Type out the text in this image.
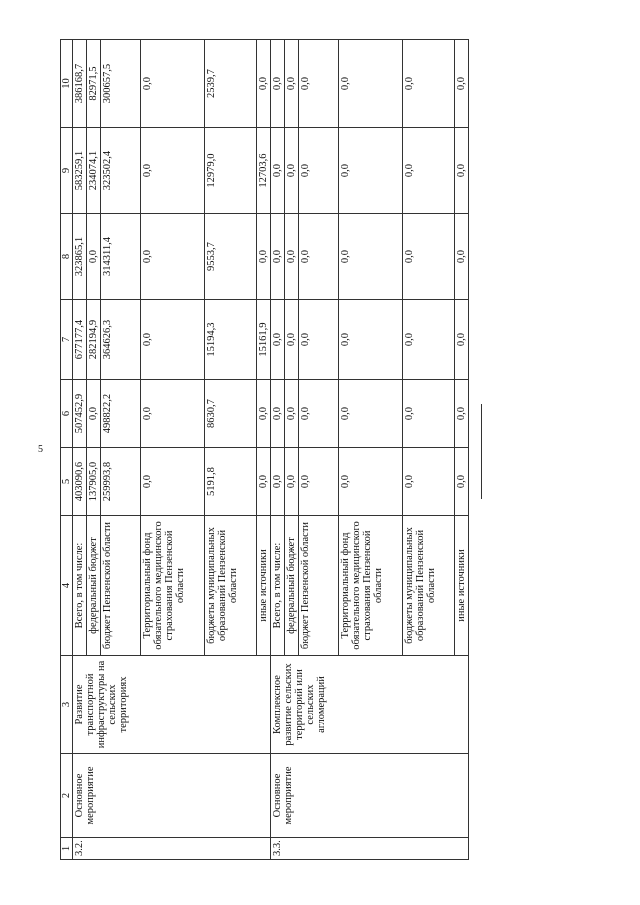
5
1	2	3	4	5	6	7	8	9	10
3.2.	Основное мероприятие	Развитие транспортной инфраструктуры на сельских территориях	Всего, в том числе:	403090,6	507452,9	677177,4	323865,1	583259,1	386168,7
			федеральный бюджет	137905,0	0,0	282194,9	0,0	234074,1	82971,5
			бюджет Пензенской области	259993,8	498822,2	364626,3	314311,4	323502,4	300657,5
			Территориальный фонд обязательного медицинского страхования Пензенской области	0,0	0,0	0,0	0,0	0,0	0,0
			бюджеты муниципальных образований Пензенской области	5191,8	8630,7	15194,3	9553,7	12979,0	2539,7
			иные источники	0,0	0,0	15161,9	0,0	12703,6	0,0
3.3.	Основное мероприятие	Комплексное развитие сельских территорий или сельских агломераций	Всего, в том числе:	0,0	0,0	0,0	0,0	0,0	0,0
			федеральный бюджет	0,0	0,0	0,0	0,0	0,0	0,0
			бюджет Пензенской области	0,0	0,0	0,0	0,0	0,0	0,0
			Территориальный фонд обязательного медицинского страхования Пензенской области	0,0	0,0	0,0	0,0	0,0	0,0
			бюджеты муниципальных образований Пензенской области	0,0	0,0	0,0	0,0	0,0	0,0
			иные источники	0,0	0,0	0,0	0,0	0,0	0,0
